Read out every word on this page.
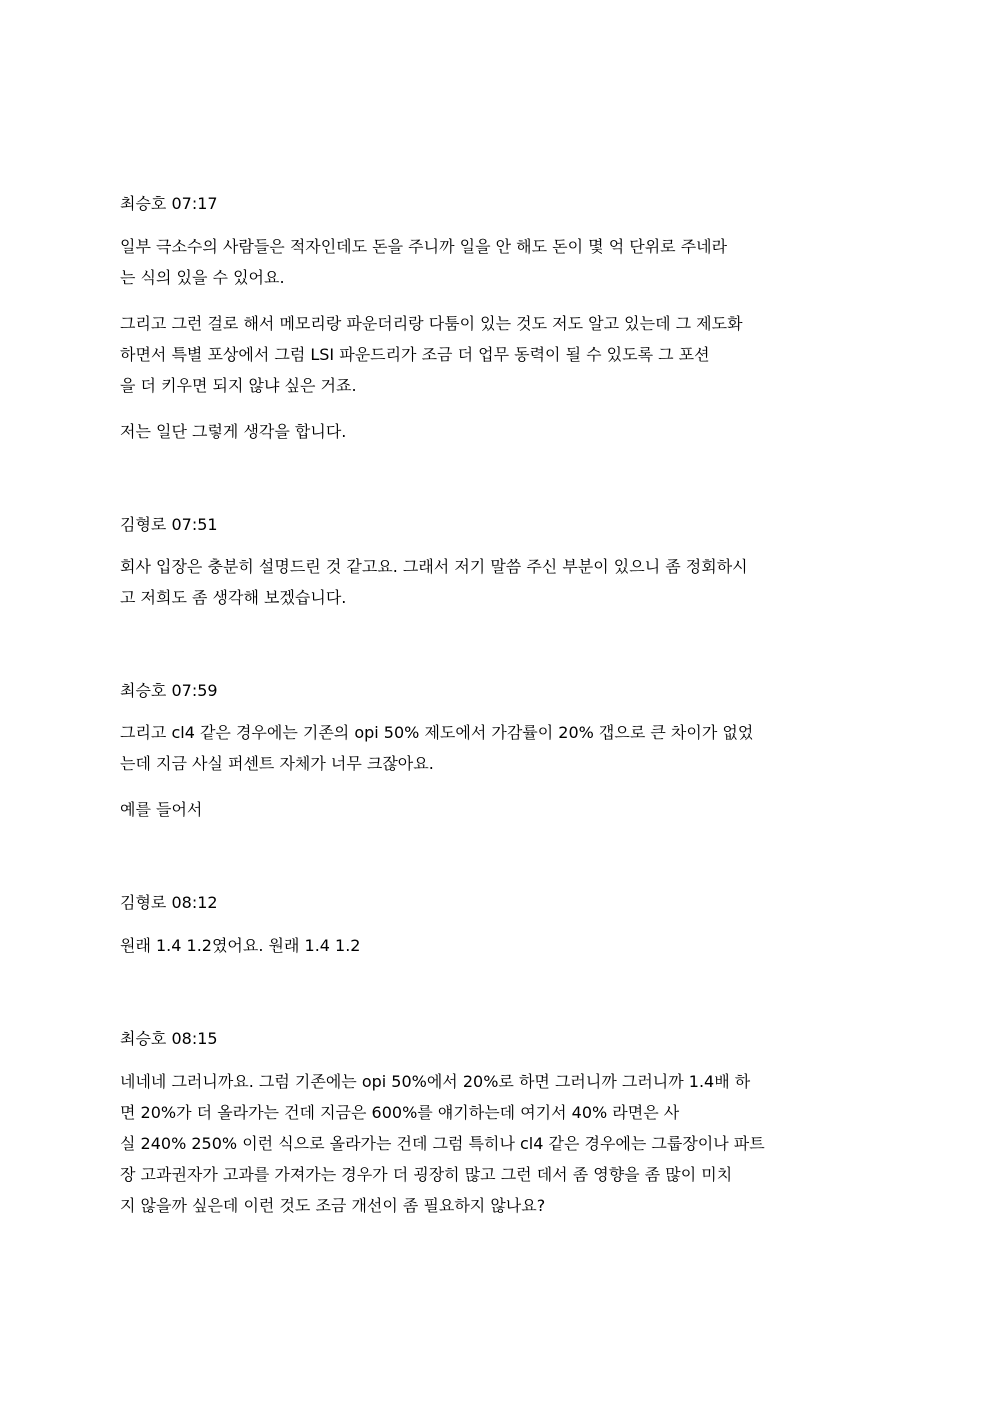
최승호 07:17
일부 극소수의 사람들은 적자인데도 돈을 주니까 일을 안 해도 돈이 몇 억 단위로 주네라
는 식의 있을 수 있어요.
그리고 그런 걸로 해서 메모리랑 파운더리랑 다툼이 있는 것도 저도 알고 있는데 그 제도화
하면서 특별 포상에서 그럼 LSI 파운드리가 조금 더 업무 동력이 될 수 있도록 그 포션
을 더 키우면 되지 않냐 싶은 거죠.
저는 일단 그렇게 생각을 합니다.
김형로 07:51
회사 입장은 충분히 설명드린 것 같고요. 그래서 저기 말씀 주신 부분이 있으니 좀 정회하시
고 저희도 좀 생각해 보겠습니다.
최승호 07:59
그리고 cl4 같은 경우에는 기존의 opi 50% 제도에서 가감률이 20% 갭으로 큰 차이가 없었
는데 지금 사실 퍼센트 자체가 너무 크잖아요.
예를 들어서
김형로 08:12
원래 1.4 1.2였어요. 원래 1.4 1.2
최승호 08:15
네네네 그러니까요. 그럼 기존에는 opi 50%에서 20%로 하면 그러니까 그러니까 1.4배 하
면 20%가 더 올라가는 건데 지금은 600%를 얘기하는데 여기서 40% 라면은 사
실 240% 250% 이런 식으로 올라가는 건데 그럼 특히나 cl4 같은 경우에는 그룹장이나 파트
장 고과권자가 고과를 가져가는 경우가 더 굉장히 많고 그런 데서 좀 영향을 좀 많이 미치
지 않을까 싶은데 이런 것도 조금 개선이 좀 필요하지 않나요?
